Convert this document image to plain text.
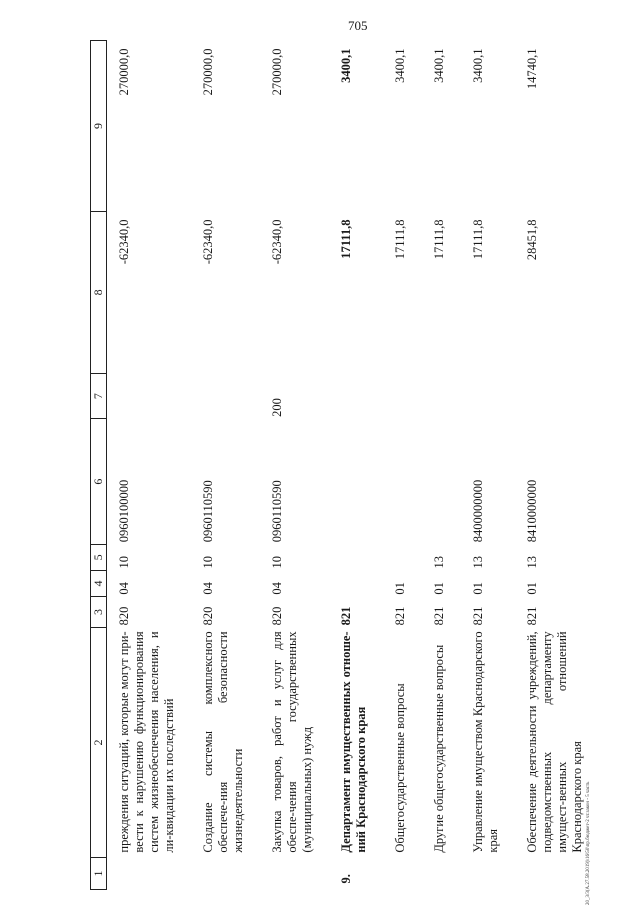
705
1	2	3	4	5	6	7	8	9
	преждения ситуаций, которые могут при-вести к нарушению функционирования систем жизнеобеспечения населения, и ли-квидации их последствий	820	04	10	0960100000		-62340,0	270000,0
	Создание системы комплексного обеспече-ния безопасности жизнедеятельности	820	04	10	0960110590		-62340,0	270000,0
	Закупка товаров, работ и услуг для обеспе-чения государственных (муниципальных) нужд	820	04	10	0960110590	200	-62340,0	270000,0
9.	Департамент имущественных отноше-ний Краснодарского края	821					17111,8	3400,1
	Общегосударственные вопросы	821	01				17111,8	3400,1
	Другие общегосударственные вопросы	821	01	13			17111,8	3400,1
	Управление имуществом Краснодарского края	821	01	13	8400000000		17111,8	3400,1
	Обеспечение деятельности учреждений, подведомственных департаменту имущест-венных отношений Краснодарского края	821	01	13	8410000000		28451,8	14740,1
20_3/3(A.27.58.2019)\16\50\пр.бюджет-2 чт.закон - 5 часть
